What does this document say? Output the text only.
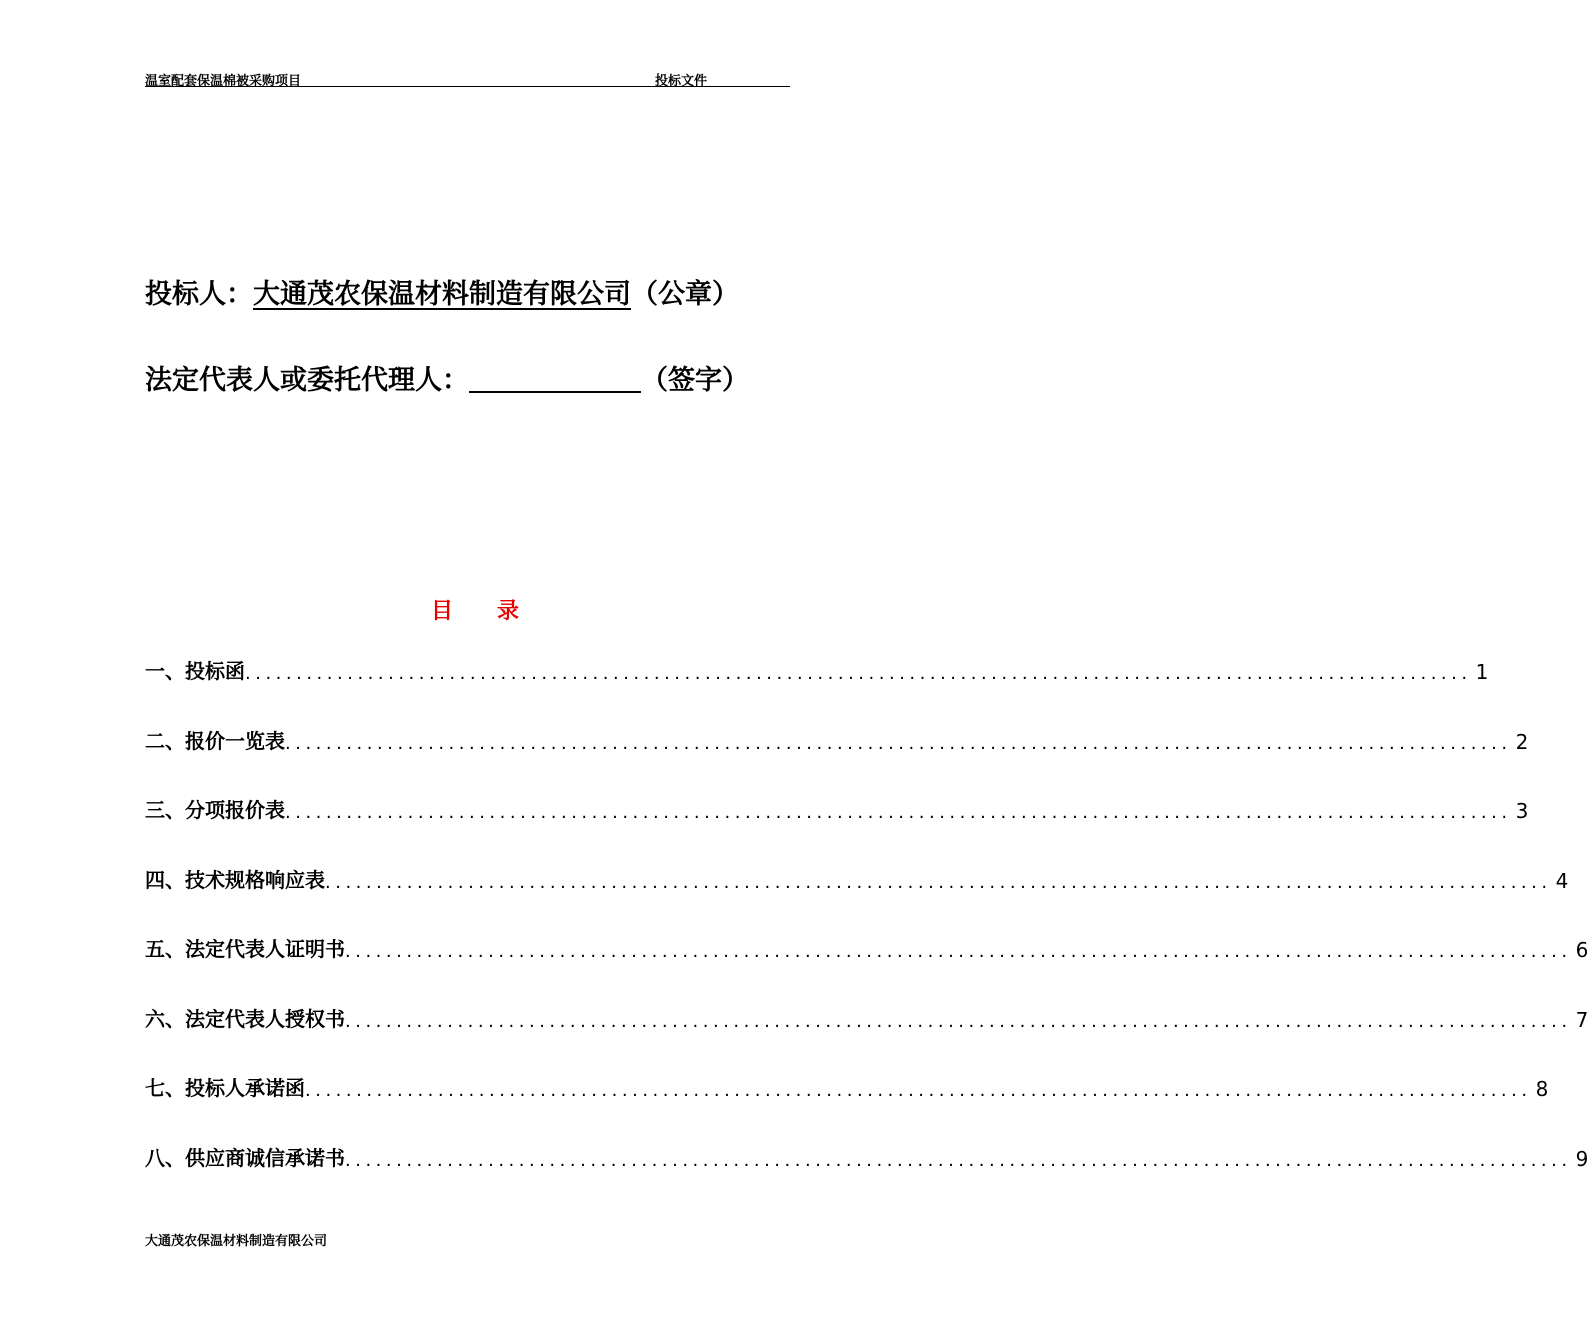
温室配套保温棉被采购项目	投标文件
投标人：大通茂农保温材料制造有限公司（公章）
法定代表人或委托代理人：	（签字）
目 录
一、投标函 ........................................................................................................................ 1
二、报价一览表 ........................................................................................................................ 2
三、分项报价表 ........................................................................................................................ 3
四、技术规格响应表 ........................................................................................................................ 4
五、法定代表人证明书 ........................................................................................................................ 6
六、法定代表人授权书 ........................................................................................................................ 7
七、投标人承诺函 ........................................................................................................................ 8
八、供应商诚信承诺书 ........................................................................................................................ 9
大通茂农保温材料制造有限公司
